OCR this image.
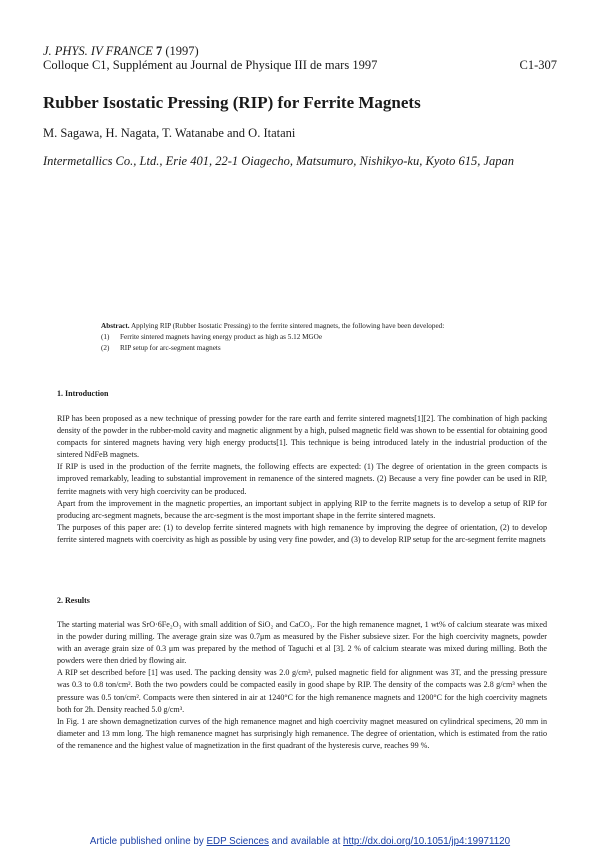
J. PHYS. IV FRANCE 7 (1997)
Colloque C1, Supplément au Journal de Physique III de mars 1997	C1-307
Rubber Isostatic Pressing (RIP) for Ferrite Magnets
M. Sagawa, H. Nagata, T. Watanabe and O. Itatani
Intermetallics Co., Ltd., Erie 401, 22-1 Oiagecho, Matsumuro, Nishikyo-ku, Kyoto 615, Japan
Abstract. Applying RIP (Rubber Isostatic Pressing) to the ferrite sintered magnets, the following have been developed:
(1) Ferrite sintered magnets having energy product as high as 5.12 MGOe
(2) RIP setup for arc-segment magnets
1. Introduction

RIP has been proposed as a new technique of pressing powder for the rare earth and ferrite sintered magnets[1][2]. The combination of high packing density of the powder in the rubber-mold cavity and magnetic alignment by a high, pulsed magnetic field was shown to be essential for obtaining good compacts for sintered magnets having very high energy products[1]. This technique is being introduced lately in the industrial production of the sintered NdFeB magnets.

If RIP is used in the production of the ferrite magnets, the following effects are expected: (1) The degree of orientation in the green compacts is improved remarkably, leading to substantial improvement in remanence of the sintered magnets. (2) Because a very fine powder can be used in RIP, ferrite magnets with very high coercivity can be produced.

Apart from the improvement in the magnetic properties, an important subject in applying RIP to the ferrite magnets is to develop a setup of RIP for producing arc-segment magnets, because the arc-segment is the most important shape in the ferrite sintered magnets.

The purposes of this paper are: (1) to develop ferrite sintered magnets with high remanence by improving the degree of orientation, (2) to develop ferrite sintered magnets with coercivity as high as possible by using very fine powder, and (3) to develop RIP setup for the arc-segment ferrite magnets

2. Results

The starting material was SrO·6Fe₂O₃ with small addition of SiO₂ and CaCO₃. For the high remanence magnet, 1 wt% of calcium stearate was mixed in the powder during milling. The average grain size was 0.7μm as measured by the Fisher subsieve sizer. For the high coercivity magnets, powder with an average grain size of 0.3 μm was prepared by the method of Taguchi et al [3]. 2 % of calcium stearate was mixed during milling. Both the powders were then dried by flowing air.

A RIP set described before [1] was used. The packing density was 2.0 g/cm³, pulsed magnetic field for alignment was 3T, and the pressing pressure was 0.3 to 0.8 ton/cm². Both the two powders could be compacted easily in good shape by RIP. The density of the compacts was 2.8 g/cm³ when the pressure was 0.5 ton/cm². Compacts were then sintered in air at 1240°C for the high remanence magnets and 1200°C for the high coercivity magnets both for 2h. Density reached 5.0 g/cm³.

In Fig. 1 are shown demagnetization curves of the high remanence magnet and high coercivity magnet measured on cylindrical specimens, 20 mm in diameter and 13 mm long. The high remanence magnet has surprisingly high remanence. The degree of orientation, which is estimated from the ratio of the remanence and the highest value of magnetization in the first quadrant of the hysteresis curve, reaches 99 %.

Article published online by EDP Sciences and available at http://dx.doi.org/10.1051/jp4:19971120
